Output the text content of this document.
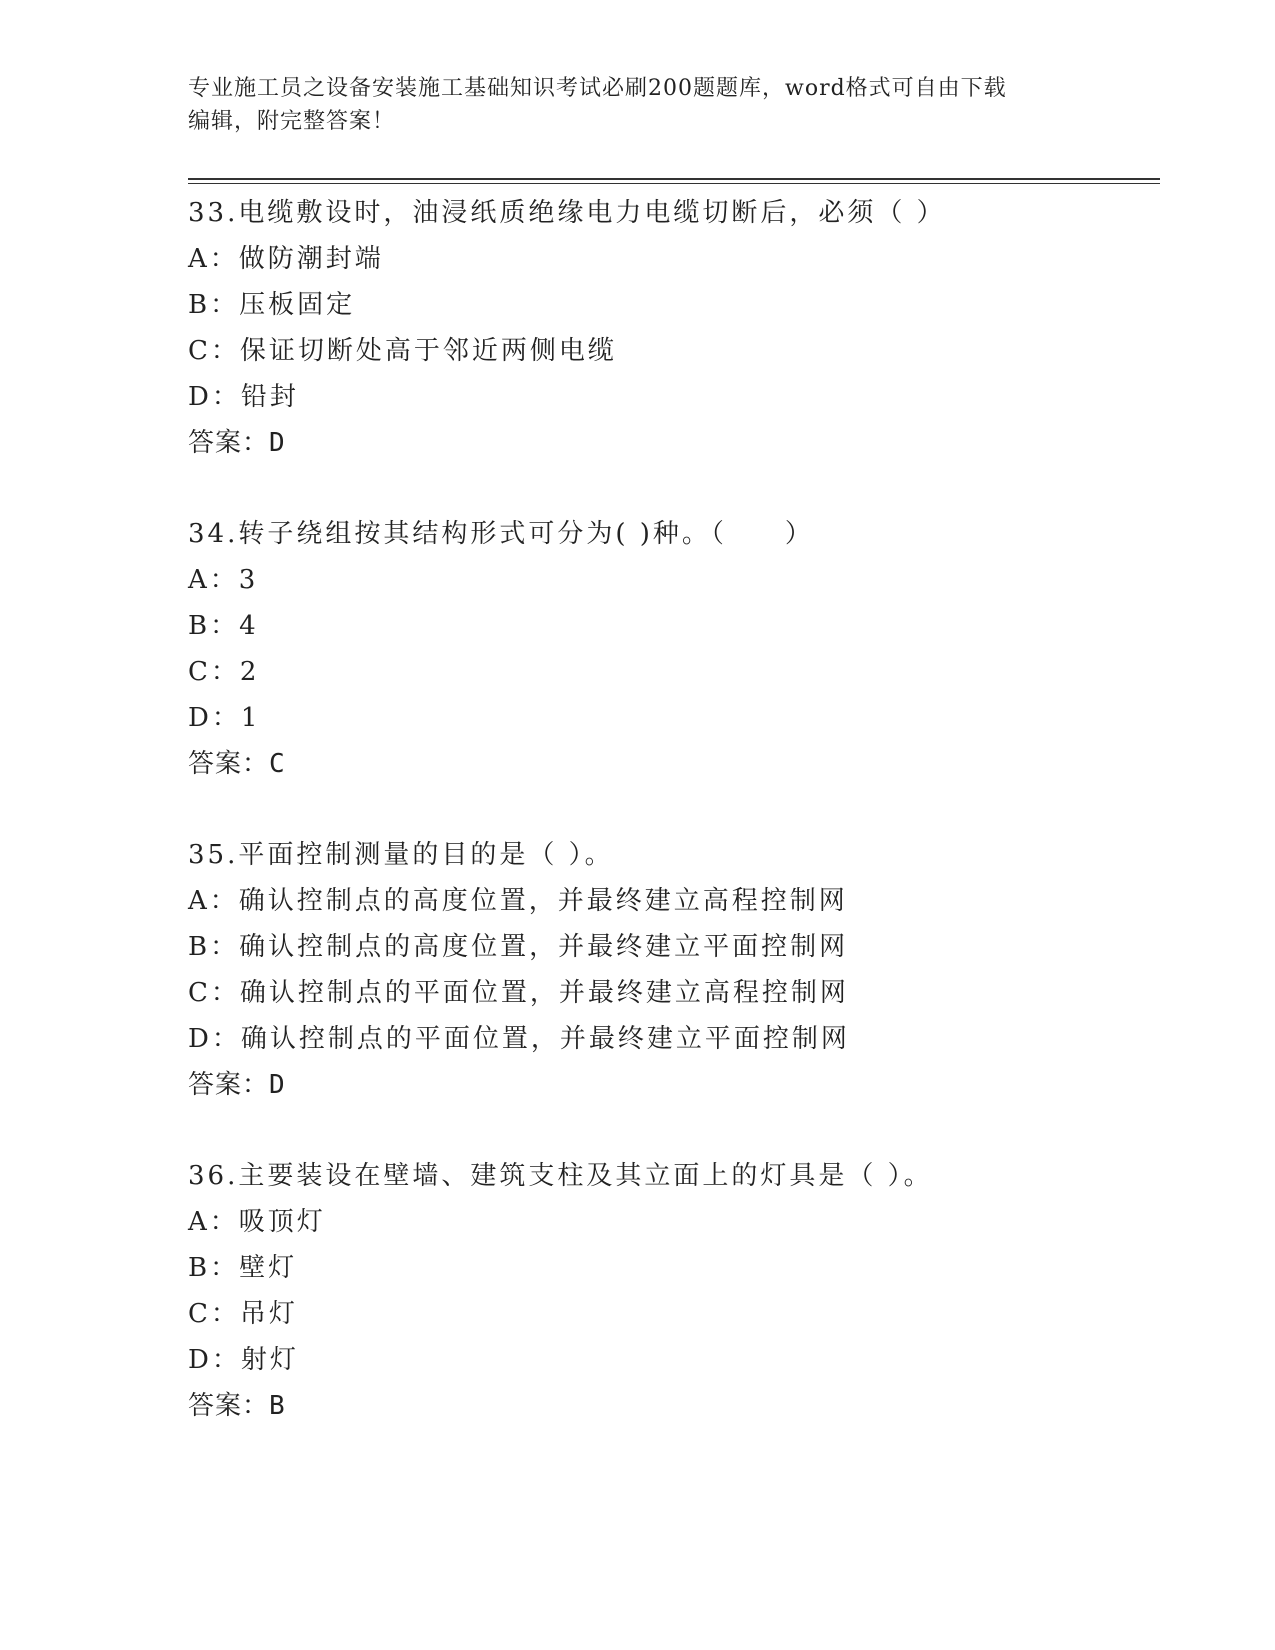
专业施工员之设备安装施工基础知识考试必刷200题题库，word格式可自由下载
编辑，附完整答案！
33.电缆敷设时，油浸纸质绝缘电力电缆切断后，必须（ ）
A：做防潮封端
B：压板固定
C：保证切断处高于邻近两侧电缆
D：铅封
答案：D
34.转子绕组按其结构形式可分为( )种。（　　）
A：3
B：4
C：2
D：1
答案：C
35.平面控制测量的目的是（ ）。
A：确认控制点的高度位置，并最终建立高程控制网
B：确认控制点的高度位置，并最终建立平面控制网
C：确认控制点的平面位置，并最终建立高程控制网
D：确认控制点的平面位置，并最终建立平面控制网
答案：D
36.主要装设在壁墙、建筑支柱及其立面上的灯具是（ ）。
A：吸顶灯
B：壁灯
C：吊灯
D：射灯
答案：B
